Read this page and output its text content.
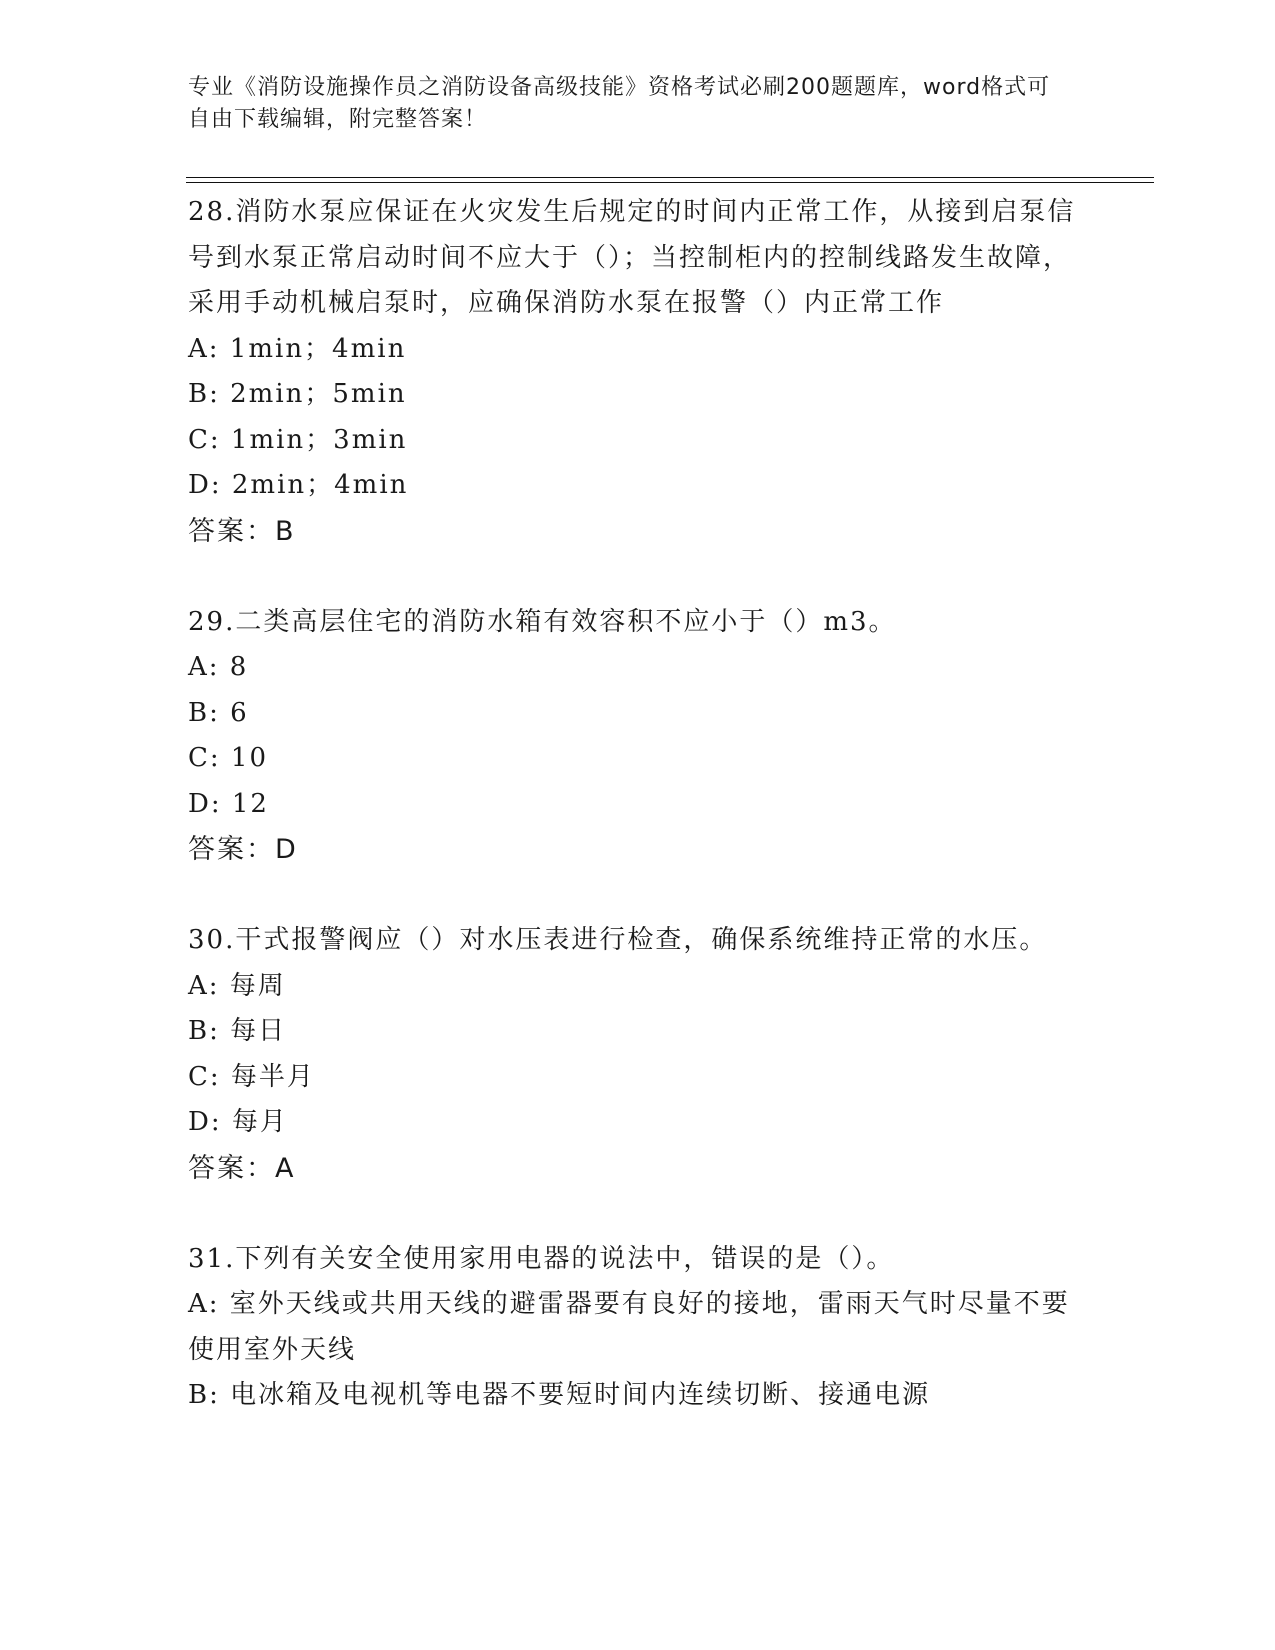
专业《消防设施操作员之消防设备高级技能》资格考试必刷200题题库，word格式可自由下载编辑，附完整答案！

28.消防水泵应保证在火灾发生后规定的时间内正常工作，从接到启泵信号到水泵正常启动时间不应大于（）；当控制柜内的控制线路发生故障，采用手动机械启泵时，应确保消防水泵在报警（）内正常工作

A: 1min；4min

B: 2min；5min

C: 1min；3min

D: 2min；4min

答案：B

29.二类高层住宅的消防水箱有效容积不应小于（）m3。

A: 8

B: 6

C: 10

D: 12

答案：D

30.干式报警阀应（）对水压表进行检查，确保系统维持正常的水压。

A: 每周

B: 每日

C: 每半月

D: 每月

答案：A

31.下列有关安全使用家用电器的说法中，错误的是（）。

A: 室外天线或共用天线的避雷器要有良好的接地，雷雨天气时尽量不要使用室外天线

B: 电冰箱及电视机等电器不要短时间内连续切断、接通电源
